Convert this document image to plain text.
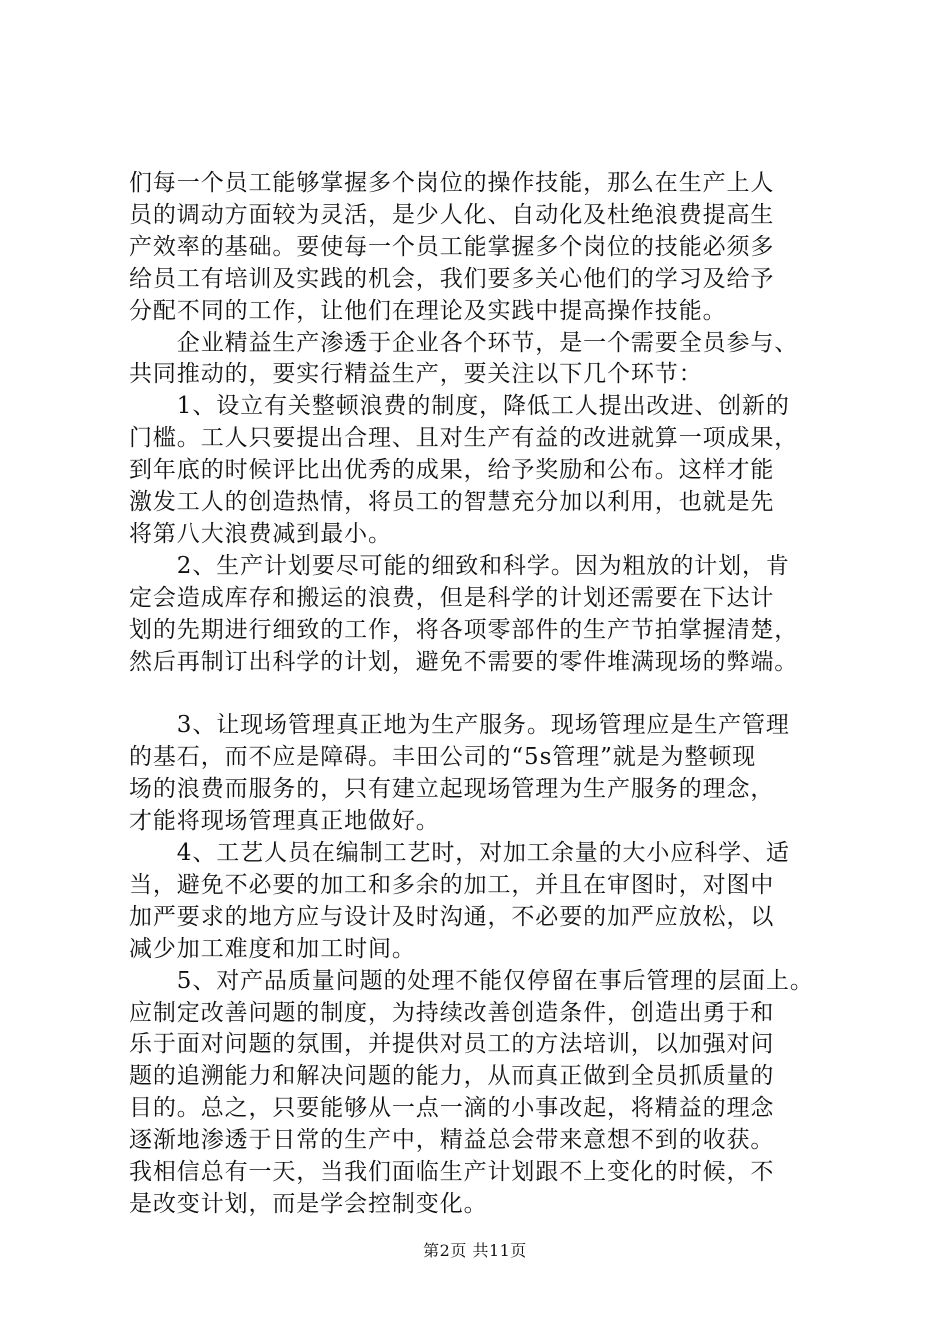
们每一个员工能够掌握多个岗位的操作技能，那么在生产上人

员的调动方面较为灵活，是少人化、自动化及杜绝浪费提高生

产效率的基础。要使每一个员工能掌握多个岗位的技能必须多

给员工有培训及实践的机会，我们要多关心他们的学习及给予

分配不同的工作，让他们在理论及实践中提高操作技能。

　　企业精益生产渗透于企业各个环节，是一个需要全员参与、

共同推动的，要实行精益生产，要关注以下几个环节：

　　1、设立有关整顿浪费的制度，降低工人提出改进、创新的

门槛。工人只要提出合理、且对生产有益的改进就算一项成果，

到年底的时候评比出优秀的成果，给予奖励和公布。这样才能

激发工人的创造热情，将员工的智慧充分加以利用，也就是先

将第八大浪费减到最小。

　　2、生产计划要尽可能的细致和科学。因为粗放的计划，肯

定会造成库存和搬运的浪费，但是科学的计划还需要在下达计

划的先期进行细致的工作，将各项零部件的生产节拍掌握清楚，

然后再制订出科学的计划，避免不需要的零件堆满现场的弊端。

　　3、让现场管理真正地为生产服务。现场管理应是生产管理

的基石，而不应是障碍。丰田公司的“5s管理”就是为整顿现

场的浪费而服务的，只有建立起现场管理为生产服务的理念，

才能将现场管理真正地做好。

　　4、工艺人员在编制工艺时，对加工余量的大小应科学、适

当，避免不必要的加工和多余的加工，并且在审图时，对图中

加严要求的地方应与设计及时沟通，不必要的加严应放松，以

减少加工难度和加工时间。

　　5、对产品质量问题的处理不能仅停留在事后管理的层面上。

应制定改善问题的制度，为持续改善创造条件，创造出勇于和

乐于面对问题的氛围，并提供对员工的方法培训，以加强对问

题的追溯能力和解决问题的能力，从而真正做到全员抓质量的

目的。总之，只要能够从一点一滴的小事改起，将精益的理念

逐渐地渗透于日常的生产中，精益总会带来意想不到的收获。

我相信总有一天，当我们面临生产计划跟不上变化的时候，不

是改变计划，而是学会控制变化。

第2页 共11页
